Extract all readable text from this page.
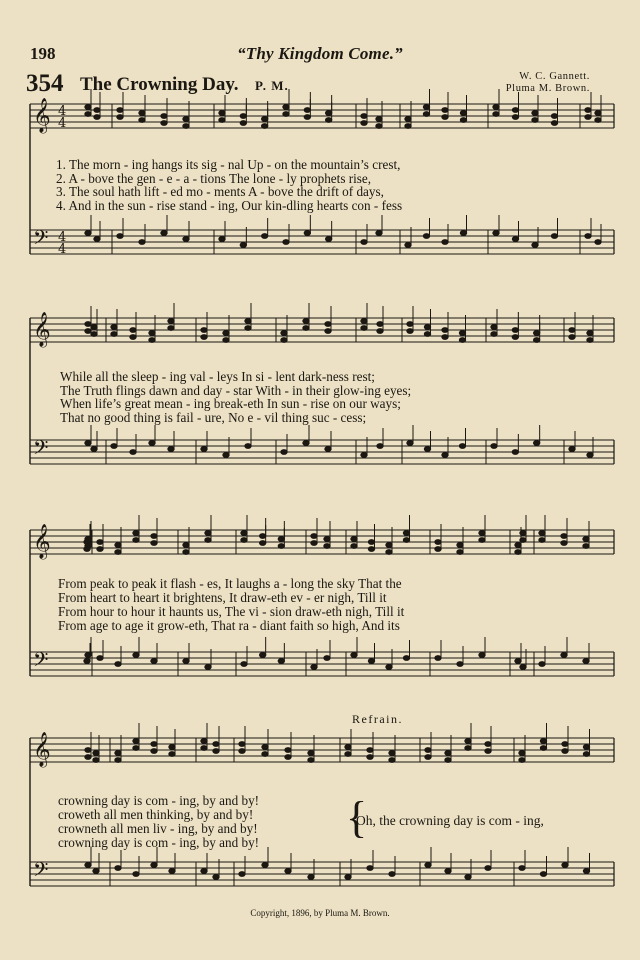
198	“Thy Kingdom Come.”
354 The Crowning Day. P. M.
W. C. Gannett.
Pluma M. Brown.
𝄞
𝄢
4
4
4
4
𝄞
𝄢
𝄞
𝄢
𝄞
𝄢
1. The morn - ing hangs its sig - nal Up - on the mountain’s crest,
2. A - bove the gen - e - a - tions The lone - ly prophets rise,
3. The soul hath lift - ed mo - ments A - bove the drift of days,
4. And in the sun - rise stand - ing, Our kin-dling hearts con - fess
While all the sleep - ing val - leys In si - lent dark-ness rest;
The Truth flings dawn and day - star With - in their glow-ing eyes;
When life’s great mean - ing break-eth In sun - rise on our ways;
That no good thing is fail - ure, No e - vil thing suc - cess;
From peak to peak it flash - es, It laughs a - long the sky That the
From heart to heart it brightens, It draw-eth ev - er nigh, Till it
From hour to hour it haunts us, The vi - sion draw-eth nigh, Till it
From age to age it grow-eth, That ra - diant faith so high, And its
Refrain.
crowning day is com - ing, by and by!
croweth all men thinking, by and by!
crowneth all men liv - ing, by and by!
crowning day is com - ing, by and by!
{
Oh, the crowning day is com - ing,
Copyright, 1896, by Pluma M. Brown.
